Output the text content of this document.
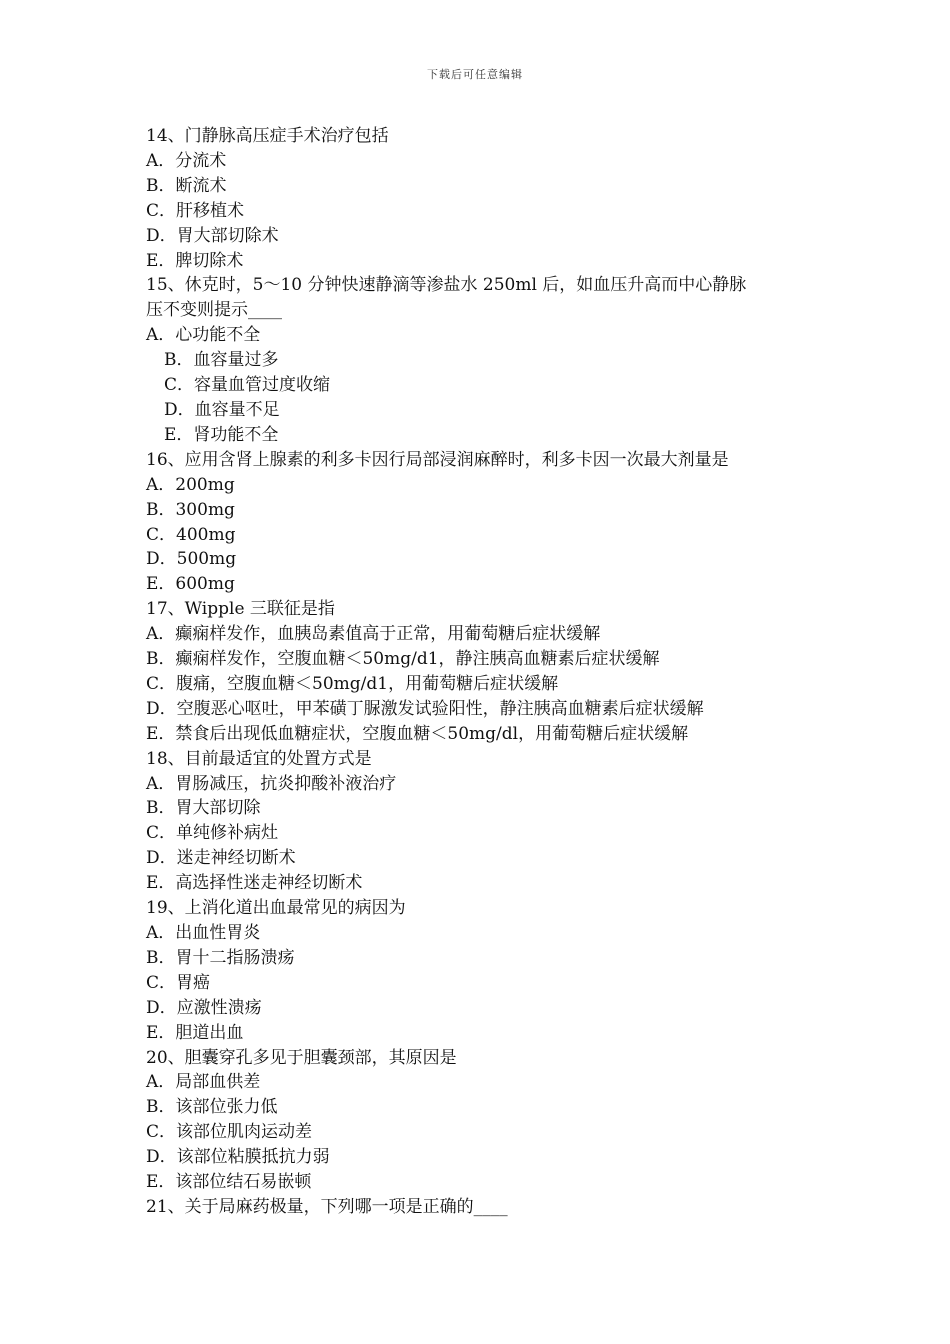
下载后可任意编辑
14、门静脉高压症手术治疗包括
A．分流术
B．断流术
C．肝移植术
D．胃大部切除术
E．脾切除术
15、休克时，5～10 分钟快速静滴等渗盐水 250ml 后，如血压升高而中心静脉
压不变则提示____
A．心功能不全
B．血容量过多
C．容量血管过度收缩
D．血容量不足
E．肾功能不全
16、应用含肾上腺素的利多卡因行局部浸润麻醉时，利多卡因一次最大剂量是
A．200mg
B．300mg
C．400mg
D．500mg
E．600mg
17、Wipple 三联征是指
A．癫痫样发作，血胰岛素值高于正常，用葡萄糖后症状缓解
B．癫痫样发作，空腹血糖＜50mg/d1，静注胰高血糖素后症状缓解
C．腹痛，空腹血糖＜50mg/d1，用葡萄糖后症状缓解
D．空腹恶心呕吐，甲苯磺丁脲激发试验阳性，静注胰高血糖素后症状缓解
E．禁食后出现低血糖症状，空腹血糖＜50mg/dl，用葡萄糖后症状缓解
18、目前最适宜的处置方式是
A．胃肠减压，抗炎抑酸补液治疗
B．胃大部切除
C．单纯修补病灶
D．迷走神经切断术
E．高选择性迷走神经切断术
19、上消化道出血最常见的病因为
A．出血性胃炎
B．胃十二指肠溃疡
C．胃癌
D．应激性溃疡
E．胆道出血
20、胆囊穿孔多见于胆囊颈部，其原因是
A．局部血供差
B．该部位张力低
C．该部位肌肉运动差
D．该部位粘膜抵抗力弱
E．该部位结石易嵌顿
21、关于局麻药极量，下列哪一项是正确的____
